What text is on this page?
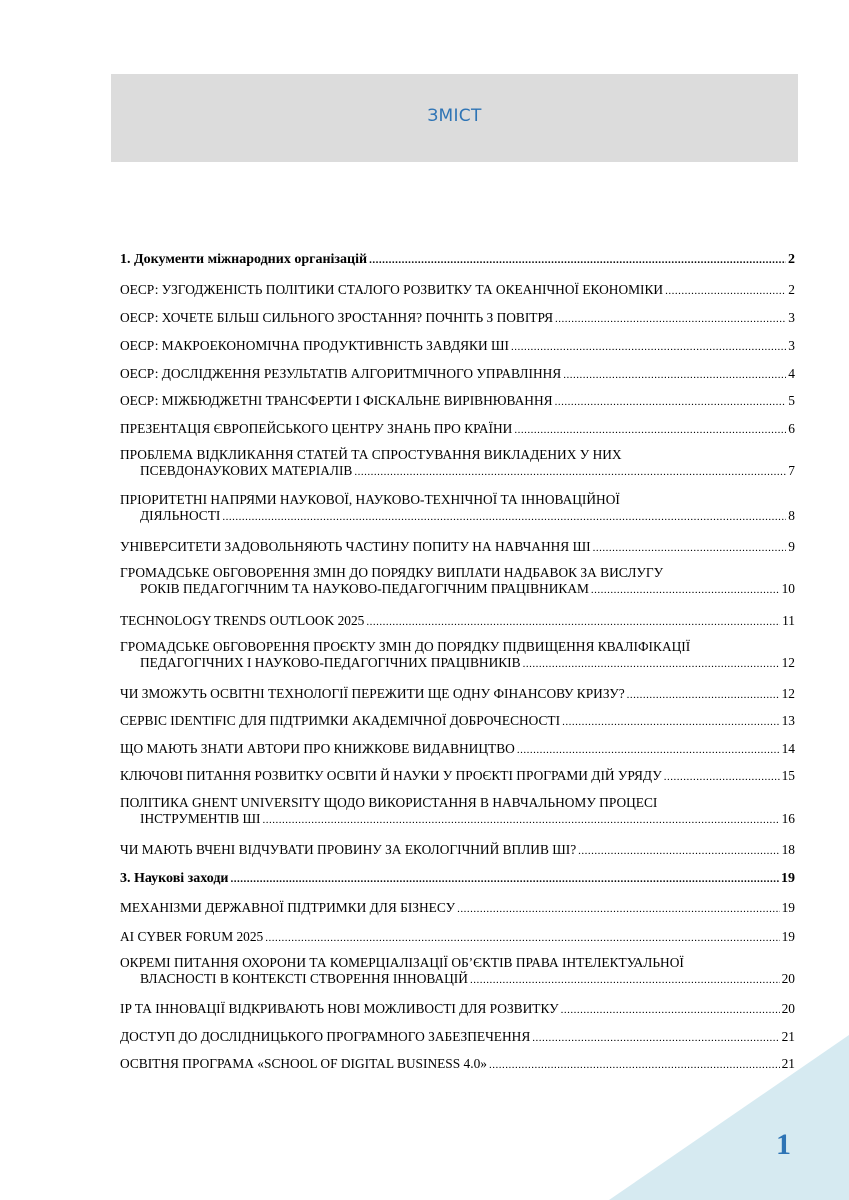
ЗМІСТ
1. Документи міжнародних організацій .....	2
ОЕСР: УЗГОДЖЕНІСТЬ ПОЛІТИКИ СТАЛОГО РОЗВИТКУ ТА ОКЕАНІЧНОЇ ЕКОНОМІКИ .....	2
ОЕСР: ХОЧЕТЕ БІЛЬШ СИЛЬНОГО ЗРОСТАННЯ? ПОЧНІТЬ З ПОВІТРЯ .....	3
ОЕСР: МАКРОЕКОНОМІЧНА ПРОДУКТИВНІСТЬ ЗАВДЯКИ ШІ .....	3
ОЕСР: ДОСЛІДЖЕННЯ РЕЗУЛЬТАТІВ АЛГОРИТМІЧНОГО УПРАВЛІННЯ .....	4
ОЕСР: МІЖБЮДЖЕТНІ ТРАНСФЕРТИ І ФІСКАЛЬНЕ ВИРІВНЮВАННЯ .....	5
ПРЕЗЕНТАЦІЯ ЄВРОПЕЙСЬКОГО ЦЕНТРУ ЗНАНЬ ПРО КРАЇНИ .....	6
ПРОБЛЕМА ВІДКЛИКАННЯ СТАТЕЙ ТА СПРОСТУВАННЯ ВИКЛАДЕНИХ У НИХ
ПСЕВДОНАУКОВИХ МАТЕРІАЛІВ .....	7
ПРІОРИТЕТНІ НАПРЯМИ НАУКОВОЇ, НАУКОВО-ТЕХНІЧНОЇ ТА ІННОВАЦІЙНОЇ
ДІЯЛЬНОСТІ .....	8
УНІВЕРСИТЕТИ ЗАДОВОЛЬНЯЮТЬ ЧАСТИНУ ПОПИТУ НА НАВЧАННЯ ШІ .....	9
ГРОМАДСЬКЕ ОБГОВОРЕННЯ ЗМІН ДО ПОРЯДКУ ВИПЛАТИ НАДБАВОК ЗА ВИСЛУГУ
РОКІВ ПЕДАГОГІЧНИМ ТА НАУКОВО-ПЕДАГОГІЧНИМ ПРАЦІВНИКАМ .....	10
TECHNOLOGY TRENDS OUTLOOK 2025 .....	11
ГРОМАДСЬКЕ ОБГОВОРЕННЯ ПРОЄКТУ ЗМІН ДО ПОРЯДКУ ПІДВИЩЕННЯ КВАЛІФІКАЦІЇ
ПЕДАГОГІЧНИХ І НАУКОВО-ПЕДАГОГІЧНИХ ПРАЦІВНИКІВ .....	12
ЧИ ЗМОЖУТЬ ОСВІТНІ ТЕХНОЛОГІЇ ПЕРЕЖИТИ ЩЕ ОДНУ ФІНАНСОВУ КРИЗУ? .....	12
СЕРВІС IDENTIFIC ДЛЯ ПІДТРИМКИ АКАДЕМІЧНОЇ ДОБРОЧЕСНОСТІ .....	13
ЩО МАЮТЬ ЗНАТИ АВТОРИ ПРО КНИЖКОВЕ ВИДАВНИЦТВО .....	14
КЛЮЧОВІ ПИТАННЯ РОЗВИТКУ ОСВІТИ Й НАУКИ У ПРОЄКТІ ПРОГРАМИ ДІЙ УРЯДУ .....	15
ПОЛІТИКА GHENT UNIVERSITY ЩОДО ВИКОРИСТАННЯ В НАВЧАЛЬНОМУ ПРОЦЕСІ
ІНСТРУМЕНТІВ ШІ .....	16
ЧИ МАЮТЬ ВЧЕНІ ВІДЧУВАТИ ПРОВИНУ ЗА ЕКОЛОГІЧНИЙ ВПЛИВ ШІ? .....	18
3. Наукові заходи .....	19
МЕХАНІЗМИ ДЕРЖАВНОЇ ПІДТРИМКИ ДЛЯ БІЗНЕСУ .....	19
AI CYBER FORUM 2025 .....	19
ОКРЕМІ ПИТАННЯ ОХОРОНИ ТА КОМЕРЦІАЛІЗАЦІЇ ОБ’ЄКТІВ ПРАВА ІНТЕЛЕКТУАЛЬНОЇ
ВЛАСНОСТІ В КОНТЕКСТІ СТВОРЕННЯ ІННОВАЦІЙ .....	20
IP ТА ІННОВАЦІЇ ВІДКРИВАЮТЬ НОВІ МОЖЛИВОСТІ ДЛЯ РОЗВИТКУ .....	20
ДОСТУП ДО ДОСЛІДНИЦЬКОГО ПРОГРАМНОГО ЗАБЕЗПЕЧЕННЯ .....	21
ОСВІТНЯ ПРОГРАМА «SCHOOL OF DIGITAL BUSINESS 4.0» .....	21
1
